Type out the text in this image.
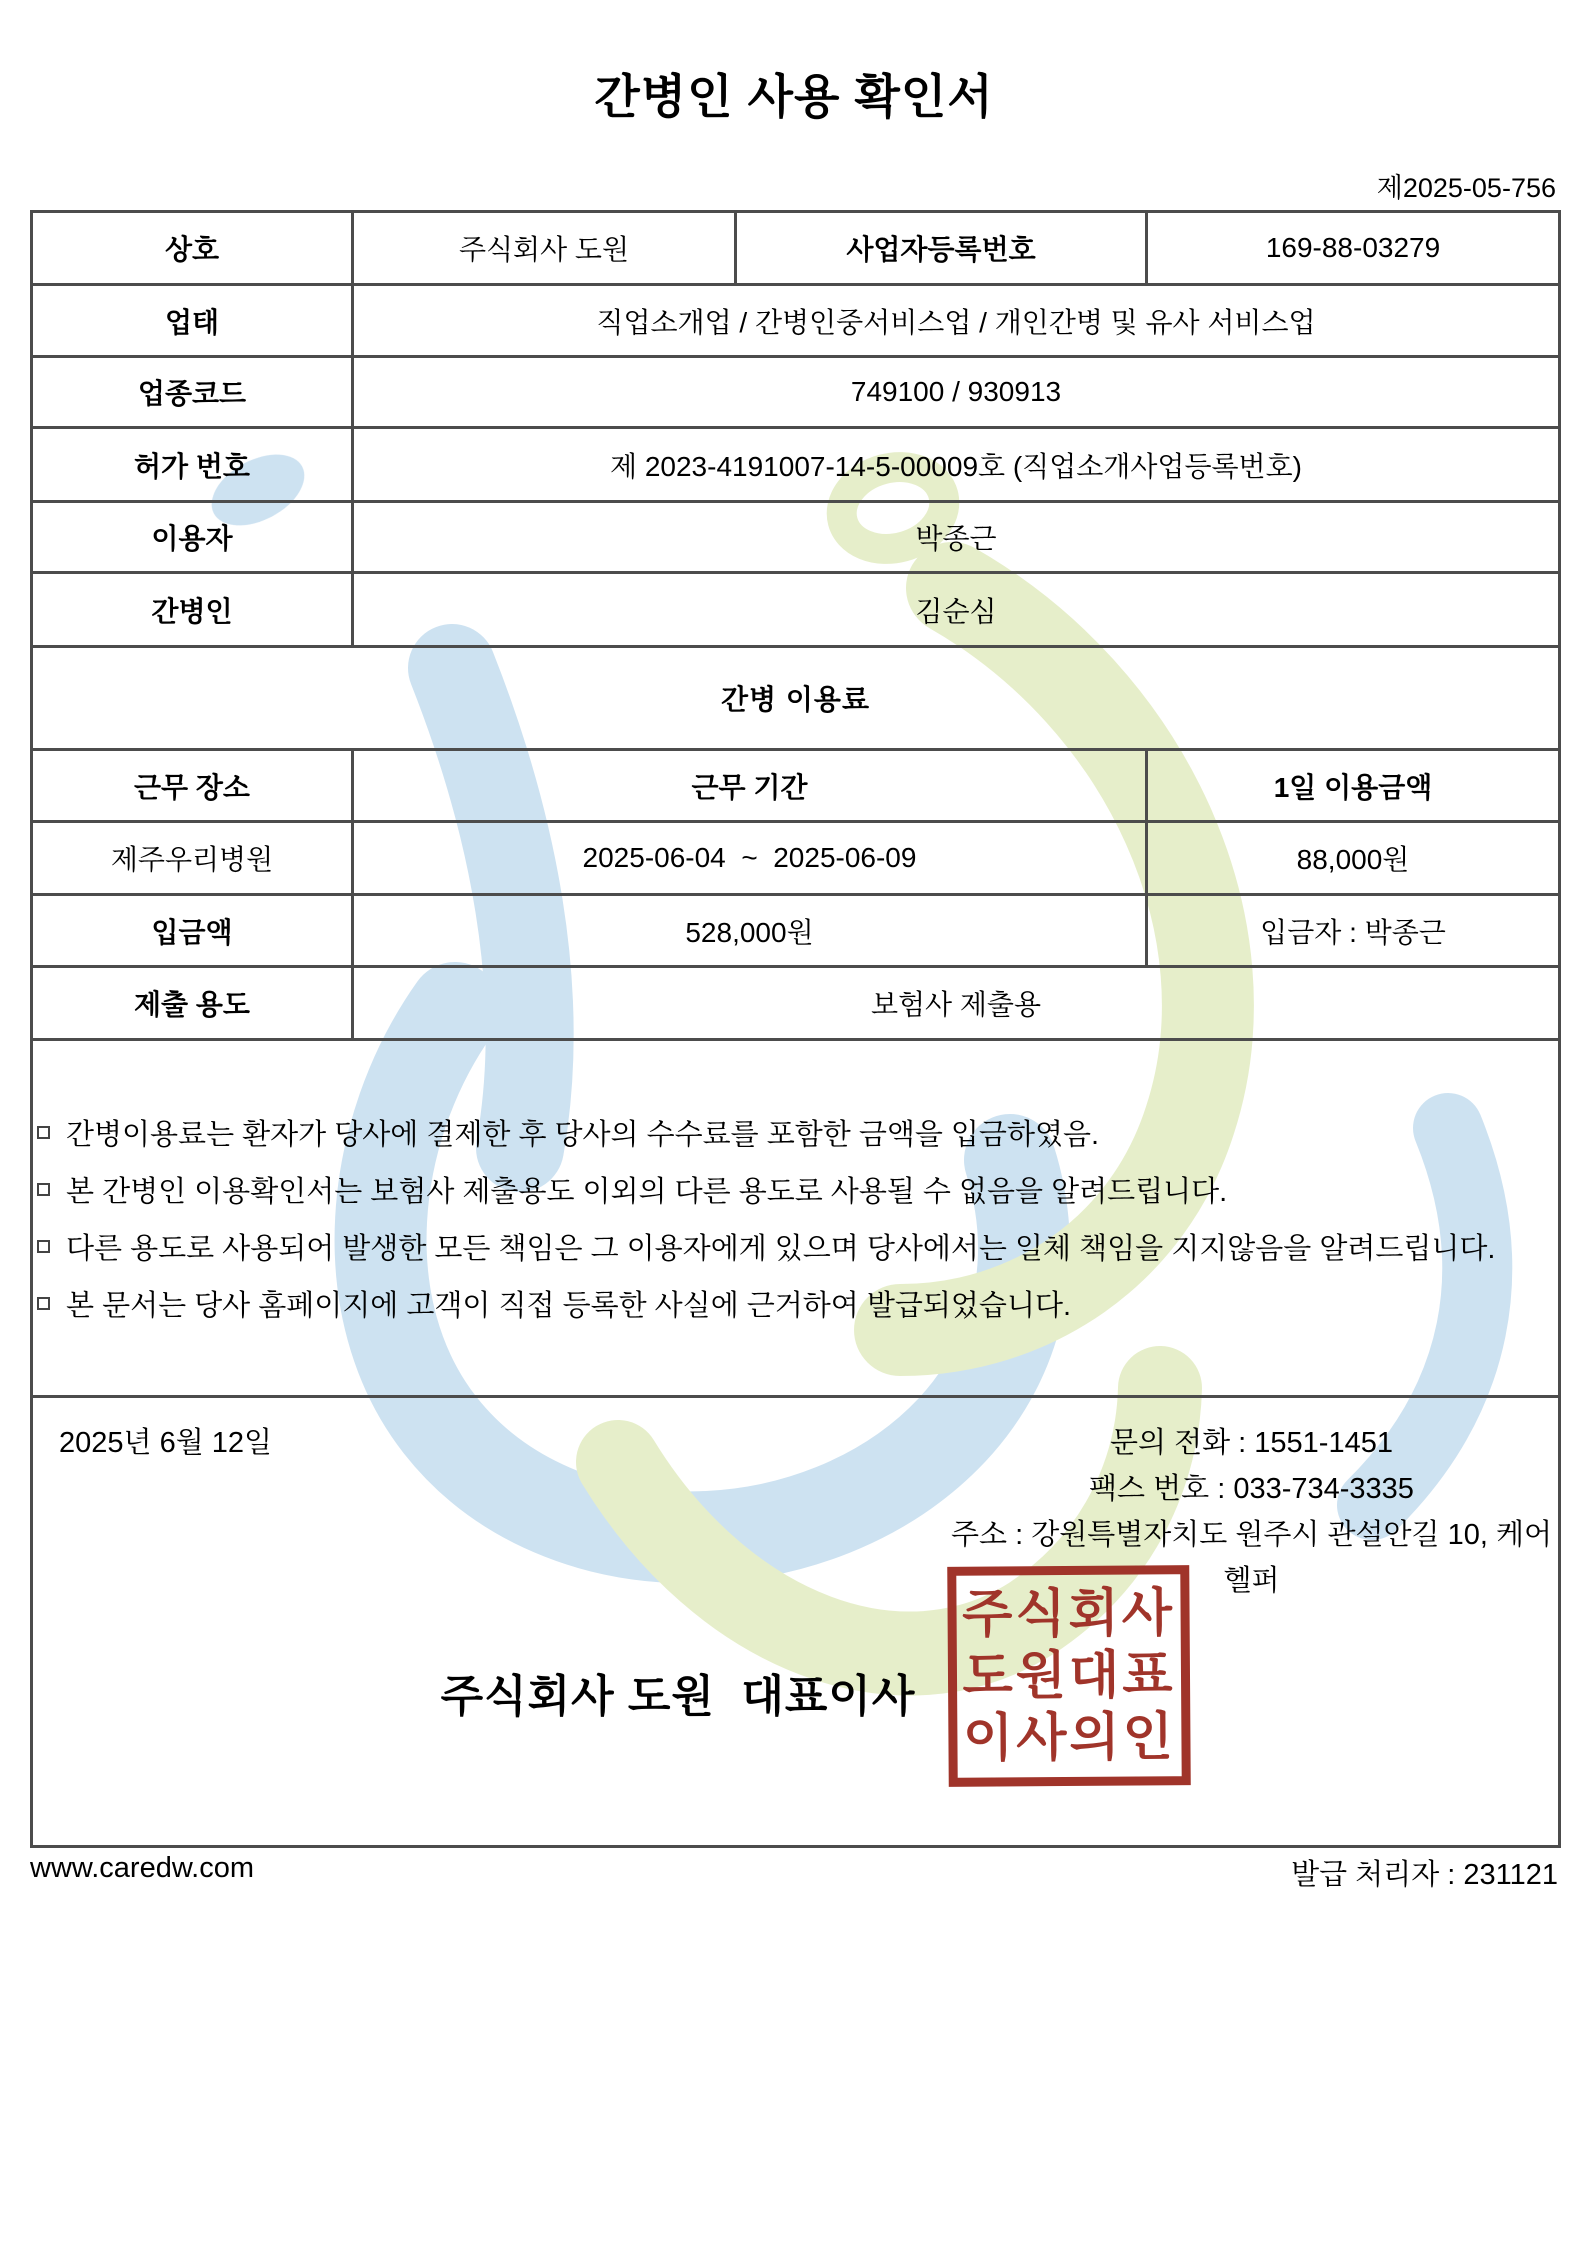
간병인 사용 확인서
제2025-05-756
상호	주식회사 도원	사업자등록번호	169-88-03279
업태	직업소개업 / 간병인중서비스업 / 개인간병 및 유사 서비스업		
업종코드	749100 / 930913		
허가 번호	제 2023-4191007-14-5-00009호 (직업소개사업등록번호)		
이용자	박종근		
간병인	김순심		
간병 이용료			
근무 장소	근무 기간		1일 이용금액
제주우리병원	2025-06-04  ~  2025-06-09		88,000원
입금액	528,000원		입금자 : 박종근
제출 용도	보험사 제출용		

간병이용료는 환자가 당사에 결제한 후 당사의 수수료를 포함한 금액을 입금하였음.
본 간병인 이용확인서는 보험사 제출용도 이외의 다른 용도로 사용될 수 없음을 알려드립니다.
다른 용도로 사용되어 발생한 모든 책임은 그 이용자에게 있으며 당사에서는 일체 책임을 지지않음을 알려드립니다.
본 문서는 당사 홈페이지에 고객이 직접 등록한 사실에 근거하여 발급되었습니다.			

2025년 6월 12일	문의 전화 : 1551-1451
팩스 번호 : 033-734-3335
주소 : 강원특별자치도 원주시 관설안길 10, 케어헬퍼
주식회사 도원  대표이사
주식회사
도원대표
이사의인
www.caredw.com	발급 처리자 : 231121
